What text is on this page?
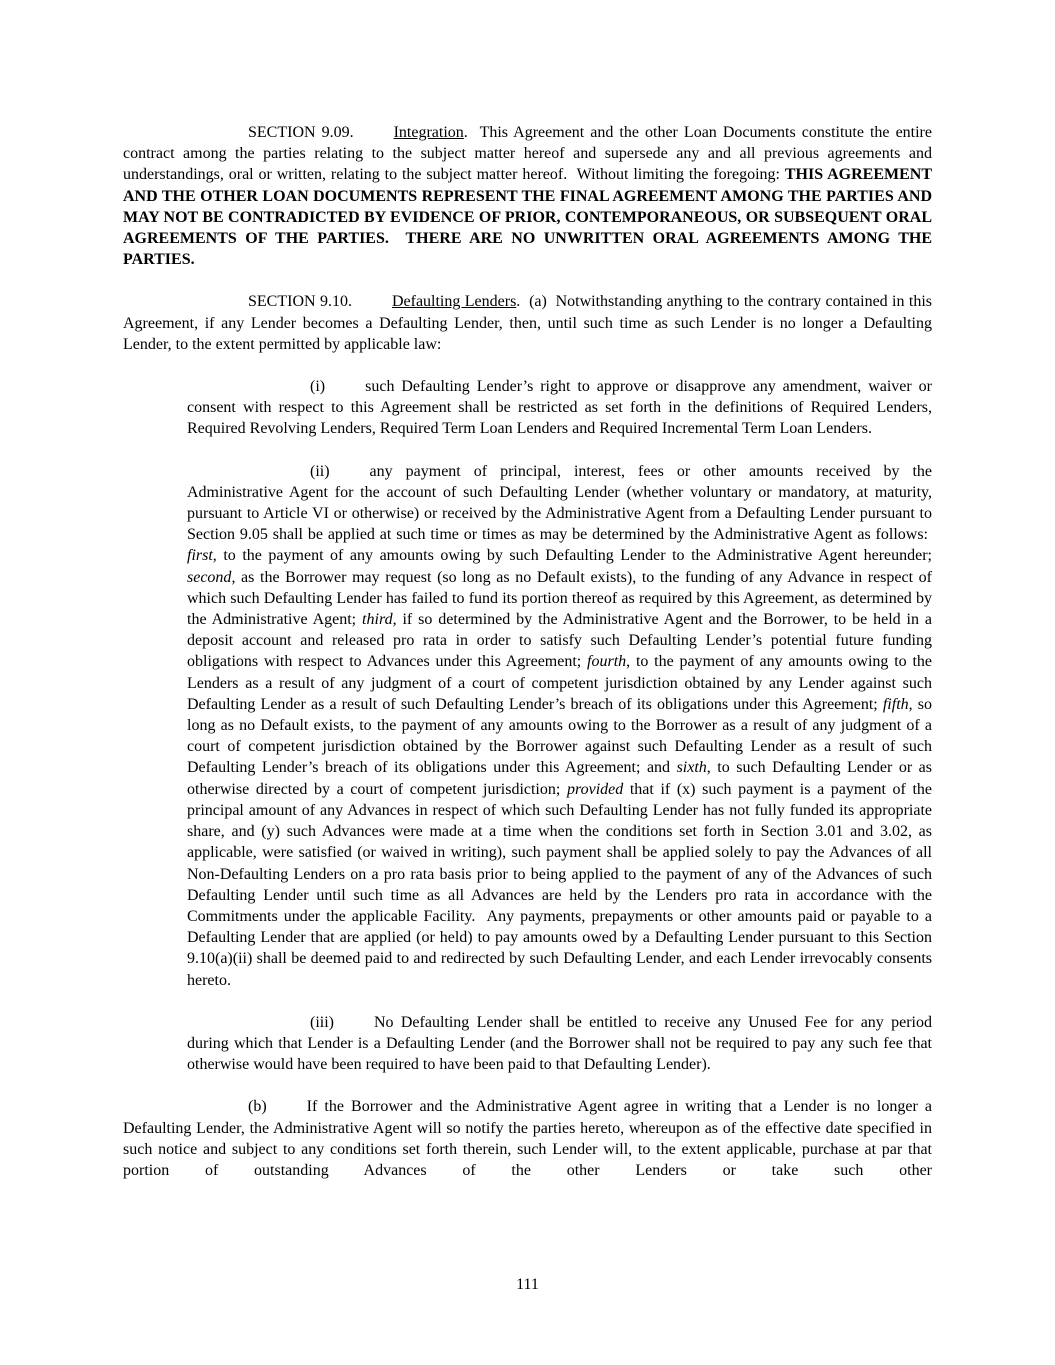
SECTION 9.09.	Integration.  This Agreement and the other Loan Documents constitute the entire contract among the parties relating to the subject matter hereof and supersede any and all previous agreements and understandings, oral or written, relating to the subject matter hereof.  Without limiting the foregoing: THIS AGREEMENT AND THE OTHER LOAN DOCUMENTS REPRESENT THE FINAL AGREEMENT AMONG THE PARTIES AND MAY NOT BE CONTRADICTED BY EVIDENCE OF PRIOR, CONTEMPORANEOUS, OR SUBSEQUENT ORAL AGREEMENTS OF THE PARTIES.  THERE ARE NO UNWRITTEN ORAL AGREEMENTS AMONG THE PARTIES.

SECTION 9.10.	Defaulting Lenders.  (a)  Notwithstanding anything to the contrary contained in this Agreement, if any Lender becomes a Defaulting Lender, then, until such time as such Lender is no longer a Defaulting Lender, to the extent permitted by applicable law:

(i)	such Defaulting Lender’s right to approve or disapprove any amendment, waiver or consent with respect to this Agreement shall be restricted as set forth in the definitions of Required Lenders, Required Revolving Lenders, Required Term Loan Lenders and Required Incremental Term Loan Lenders.

(ii)	any payment of principal, interest, fees or other amounts received by the Administrative Agent for the account of such Defaulting Lender (whether voluntary or mandatory, at maturity, pursuant to Article VI or otherwise) or received by the Administrative Agent from a Defaulting Lender pursuant to Section 9.05 shall be applied at such time or times as may be determined by the Administrative Agent as follows:  first, to the payment of any amounts owing by such Defaulting Lender to the Administrative Agent hereunder; second, as the Borrower may request (so long as no Default exists), to the funding of any Advance in respect of which such Defaulting Lender has failed to fund its portion thereof as required by this Agreement, as determined by the Administrative Agent; third, if so determined by the Administrative Agent and the Borrower, to be held in a deposit account and released pro rata in order to satisfy such Defaulting Lender’s potential future funding obligations with respect to Advances under this Agreement; fourth, to the payment of any amounts owing to the Lenders as a result of any judgment of a court of competent jurisdiction obtained by any Lender against such Defaulting Lender as a result of such Defaulting Lender’s breach of its obligations under this Agreement; fifth, so long as no Default exists, to the payment of any amounts owing to the Borrower as a result of any judgment of a court of competent jurisdiction obtained by the Borrower against such Defaulting Lender as a result of such Defaulting Lender’s breach of its obligations under this Agreement; and sixth, to such Defaulting Lender or as otherwise directed by a court of competent jurisdiction; provided that if (x) such payment is a payment of the principal amount of any Advances in respect of which such Defaulting Lender has not fully funded its appropriate share, and (y) such Advances were made at a time when the conditions set forth in Section 3.01 and 3.02, as applicable, were satisfied (or waived in writing), such payment shall be applied solely to pay the Advances of all Non-Defaulting Lenders on a pro rata basis prior to being applied to the payment of any of the Advances of such Defaulting Lender until such time as all Advances are held by the Lenders pro rata in accordance with the Commitments under the applicable Facility.  Any payments, prepayments or other amounts paid or payable to a Defaulting Lender that are applied (or held) to pay amounts owed by a Defaulting Lender pursuant to this Section 9.10(a)(ii) shall be deemed paid to and redirected by such Defaulting Lender, and each Lender irrevocably consents hereto.

(iii)	No Defaulting Lender shall be entitled to receive any Unused Fee for any period during which that Lender is a Defaulting Lender (and the Borrower shall not be required to pay any such fee that otherwise would have been required to have been paid to that Defaulting Lender).

(b)	If the Borrower and the Administrative Agent agree in writing that a Lender is no longer a Defaulting Lender, the Administrative Agent will so notify the parties hereto, whereupon as of the effective date specified in such notice and subject to any conditions set forth therein, such Lender will, to the extent applicable, purchase at par that portion of outstanding Advances of the other Lenders or take such other

111
